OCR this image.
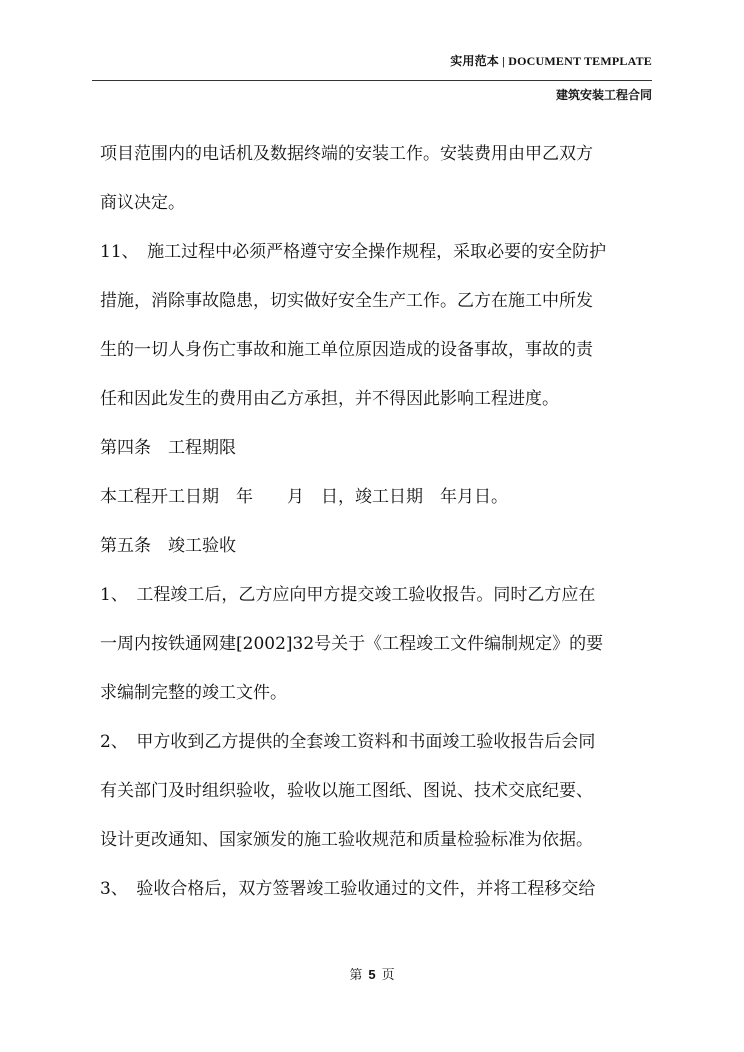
实用范本 | DOCUMENT TEMPLATE
建筑安装工程合同
项目范围内的电话机及数据终端的安装工作。安装费用由甲乙双方
商议决定。
11、　施工过程中必须严格遵守安全操作规程，采取必要的安全防护
措施，消除事故隐患，切实做好安全生产工作。乙方在施工中所发
生的一切人身伤亡事故和施工单位原因造成的设备事故，事故的责
任和因此发生的费用由乙方承担，并不得因此影响工程进度。
第四条　工程期限
本工程开工日期　年　　月　日，竣工日期　年月日。
第五条　竣工验收
1、　工程竣工后，乙方应向甲方提交竣工验收报告。同时乙方应在
一周内按铁通网建[2002]32号关于《工程竣工文件编制规定》的要
求编制完整的竣工文件。
2、　甲方收到乙方提供的全套竣工资料和书面竣工验收报告后会同
有关部门及时组织验收，验收以施工图纸、图说、技术交底纪要、
设计更改通知、国家颁发的施工验收规范和质量检验标准为依据。
3、　验收合格后，双方签署竣工验收通过的文件，并将工程移交给
第 5 页
